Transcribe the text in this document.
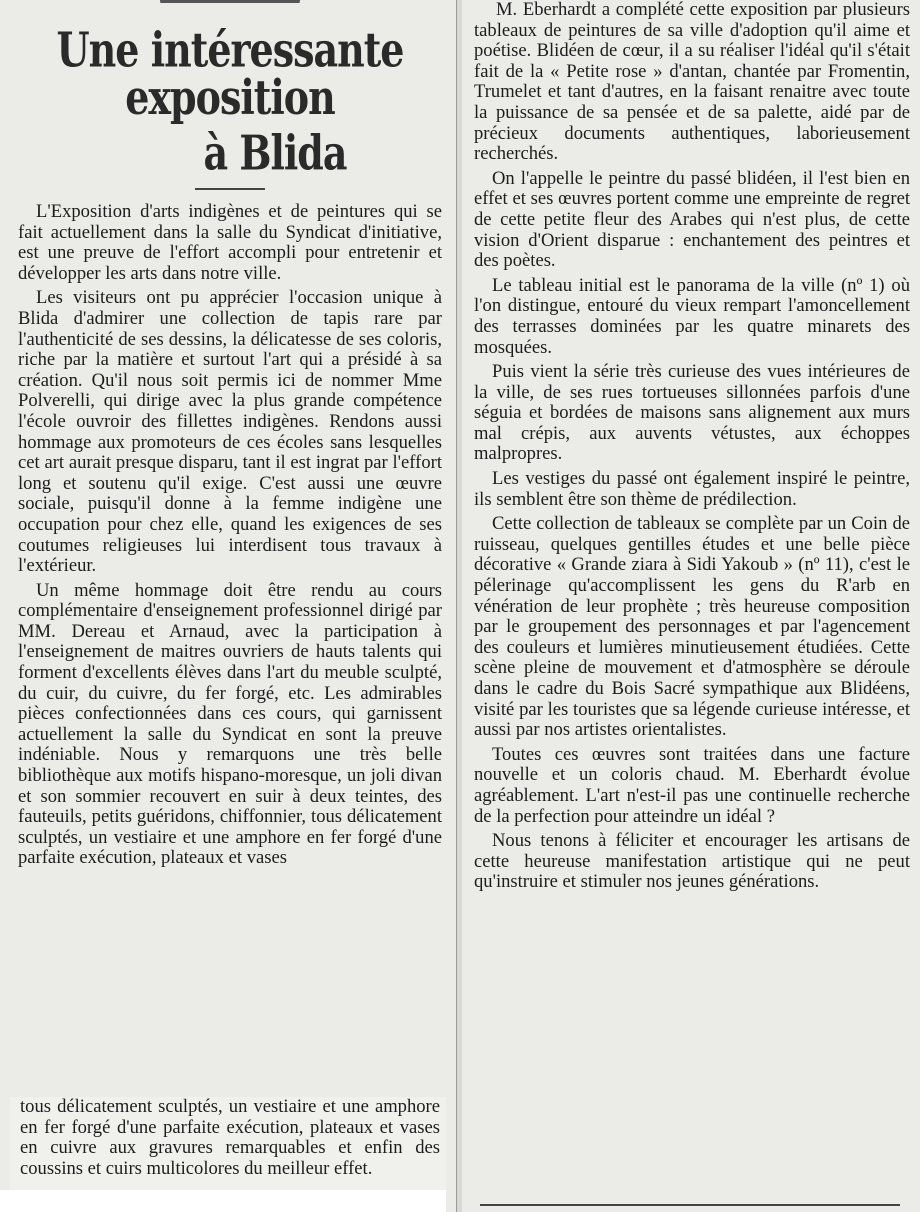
Une intéressante exposition
à Blida

L'Exposition d'arts indigènes et de peintures qui se fait actuellement dans la salle du Syndicat d'initiative, est une preuve de l'effort accompli pour entretenir et développer les arts dans notre ville.

Les visiteurs ont pu apprécier l'occasion unique à Blida d'admirer une collection de tapis rare par l'authenticité de ses dessins, la délicatesse de ses coloris, riche par la matière et surtout l'art qui a présidé à sa création. Qu'il nous soit permis ici de nommer Mme Polverelli, qui dirige avec la plus grande compétence l'école ouvroir des fillettes indigènes. Rendons aussi hommage aux promoteurs de ces écoles sans lesquelles cet art aurait presque disparu, tant il est ingrat par l'effort long et soutenu qu'il exige. C'est aussi une œuvre sociale, puisqu'il donne à la femme indigène une occupation pour chez elle, quand les exigences de ses coutumes religieuses lui interdisent tous travaux à l'extérieur.

Un même hommage doit être rendu au cours complémentaire d'enseignement professionnel dirigé par MM. Dereau et Arnaud, avec la participation à l'enseignement de maitres ouvriers de hauts talents qui forment d'excellents élèves dans l'art du meuble sculpté, du cuir, du cuivre, du fer forgé, etc. Les admirables pièces confectionnées dans ces cours, qui garnissent actuellement la salle du Syndicat en sont la preuve indéniable. Nous y remarquons une très belle bibliothèque aux motifs hispano-moresque, un joli divan et son sommier recouvert en suir à deux teintes, des fauteuils, petits guéridons, chiffonnier, tous délicatement sculptés, un vestiaire et une amphore en fer forgé d'une parfaite exécution, plateaux et vases

tous délicatement sculptés, un vestiaire et une amphore en fer forgé d'une parfaite exécution, plateaux et vases en cuivre aux gravures remarquables et enfin des coussins et cuirs multicolores du meilleur effet.

M. Eberhardt a complété cette exposition par plusieurs tableaux de peintures de sa ville d'adoption qu'il aime et poétise. Blidéen de cœur, il a su réaliser l'idéal qu'il s'était fait de la « Petite rose » d'antan, chantée par Fromentin, Trumelet et tant d'autres, en la faisant renaitre avec toute la puissance de sa pensée et de sa palette, aidé par de précieux documents authentiques, laborieusement recherchés.

On l'appelle le peintre du passé blidéen, il l'est bien en effet et ses œuvres portent comme une empreinte de regret de cette petite fleur des Arabes qui n'est plus, de cette vision d'Orient disparue : enchantement des peintres et des poètes.

Le tableau initial est le panorama de la ville (nº 1) où l'on distingue, entouré du vieux rempart l'amoncellement des terrasses dominées par les quatre minarets des mosquées.

Puis vient la série très curieuse des vues intérieures de la ville, de ses rues tortueuses sillonnées parfois d'une séguia et bordées de maisons sans alignement aux murs mal crépis, aux auvents vétustes, aux échoppes malpropres.

Les vestiges du passé ont également inspiré le peintre, ils semblent être son thème de prédilection.

Cette collection de tableaux se complète par un Coin de ruisseau, quelques gentilles études et une belle pièce décorative « Grande ziara à Sidi Yakoub » (nº 11), c'est le pélerinage qu'accomplissent les gens du R'arb en vénération de leur prophète ; très heureuse composition par le groupement des personnages et par l'agencement des couleurs et lumières minutieusement étudiées. Cette scène pleine de mouvement et d'atmosphère se déroule dans le cadre du Bois Sacré sympathique aux Blidéens, visité par les touristes que sa légende curieuse intéresse, et aussi par nos artistes orientalistes.

Toutes ces œuvres sont traitées dans une facture nouvelle et un coloris chaud. M. Eberhardt évolue agréablement. L'art n'est-il pas une continuelle recherche de la perfection pour atteindre un idéal ?

Nous tenons à féliciter et encourager les artisans de cette heureuse manifestation artistique qui ne peut qu'instruire et stimuler nos jeunes générations.
